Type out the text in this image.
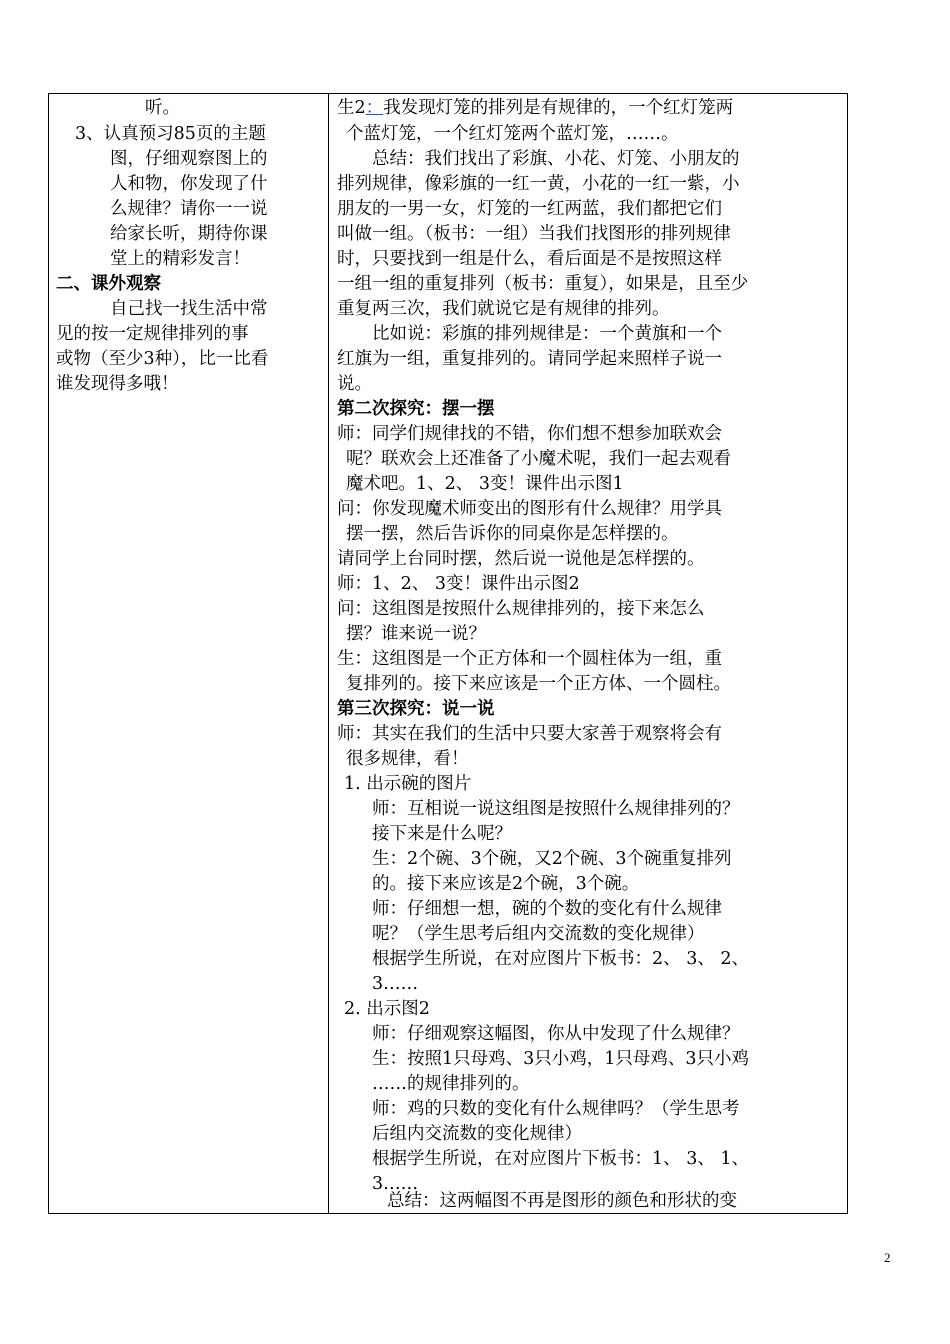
听。
3、认真预习85页的主题
图，仔细观察图上的
人和物，你发现了什
么规律？请你一一说
给家长听，期待你课
堂上的精彩发言！
二、课外观察
自己找一找生活中常
见的按一定规律排列的事
或物（至少3种），比一比看
谁发现得多哦！
生2：我发现灯笼的排列是有规律的，一个红灯笼两
个蓝灯笼，一个红灯笼两个蓝灯笼，……。
总结：我们找出了彩旗、小花、灯笼、小朋友的
排列规律，像彩旗的一红一黄，小花的一红一紫，小
朋友的一男一女，灯笼的一红两蓝，我们都把它们
叫做一组。（板书：一组）当我们找图形的排列规律
时，只要找到一组是什么，看后面是不是按照这样
一组一组的重复排列（板书：重复），如果是，且至少
重复两三次，我们就说它是有规律的排列。
比如说：彩旗的排列规律是：一个黄旗和一个
红旗为一组，重复排列的。请同学起来照样子说一
说。
第二次探究：摆一摆
师：同学们规律找的不错，你们想不想参加联欢会
呢？联欢会上还准备了小魔术呢，我们一起去观看
魔术吧。1、2、 3变！课件出示图1
问：你发现魔术师变出的图形有什么规律？用学具
摆一摆，然后告诉你的同桌你是怎样摆的。
请同学上台同时摆，然后说一说他是怎样摆的。
师：1、2、 3变！课件出示图2
问：这组图是按照什么规律排列的，接下来怎么
摆？谁来说一说？
生：这组图是一个正方体和一个圆柱体为一组，重
复排列的。接下来应该是一个正方体、一个圆柱。
第三次探究：说一说
师：其实在我们的生活中只要大家善于观察将会有
很多规律，看！
1. 出示碗的图片
师：互相说一说这组图是按照什么规律排列的？
接下来是什么呢？
生：2个碗、3个碗，又2个碗、3个碗重复排列
的。接下来应该是2个碗，3个碗。
师：仔细想一想，碗的个数的变化有什么规律
呢？（学生思考后组内交流数的变化规律）
根据学生所说，在对应图片下板书：2、 3、 2、
3……
2. 出示图2
师：仔细观察这幅图，你从中发现了什么规律？
生：按照1只母鸡、3只小鸡，1只母鸡、3只小鸡
……的规律排列的。
师：鸡的只数的变化有什么规律吗？（学生思考
后组内交流数的变化规律）
根据学生所说，在对应图片下板书：1、 3、 1、
3……
总结：这两幅图不再是图形的颜色和形状的变
2
